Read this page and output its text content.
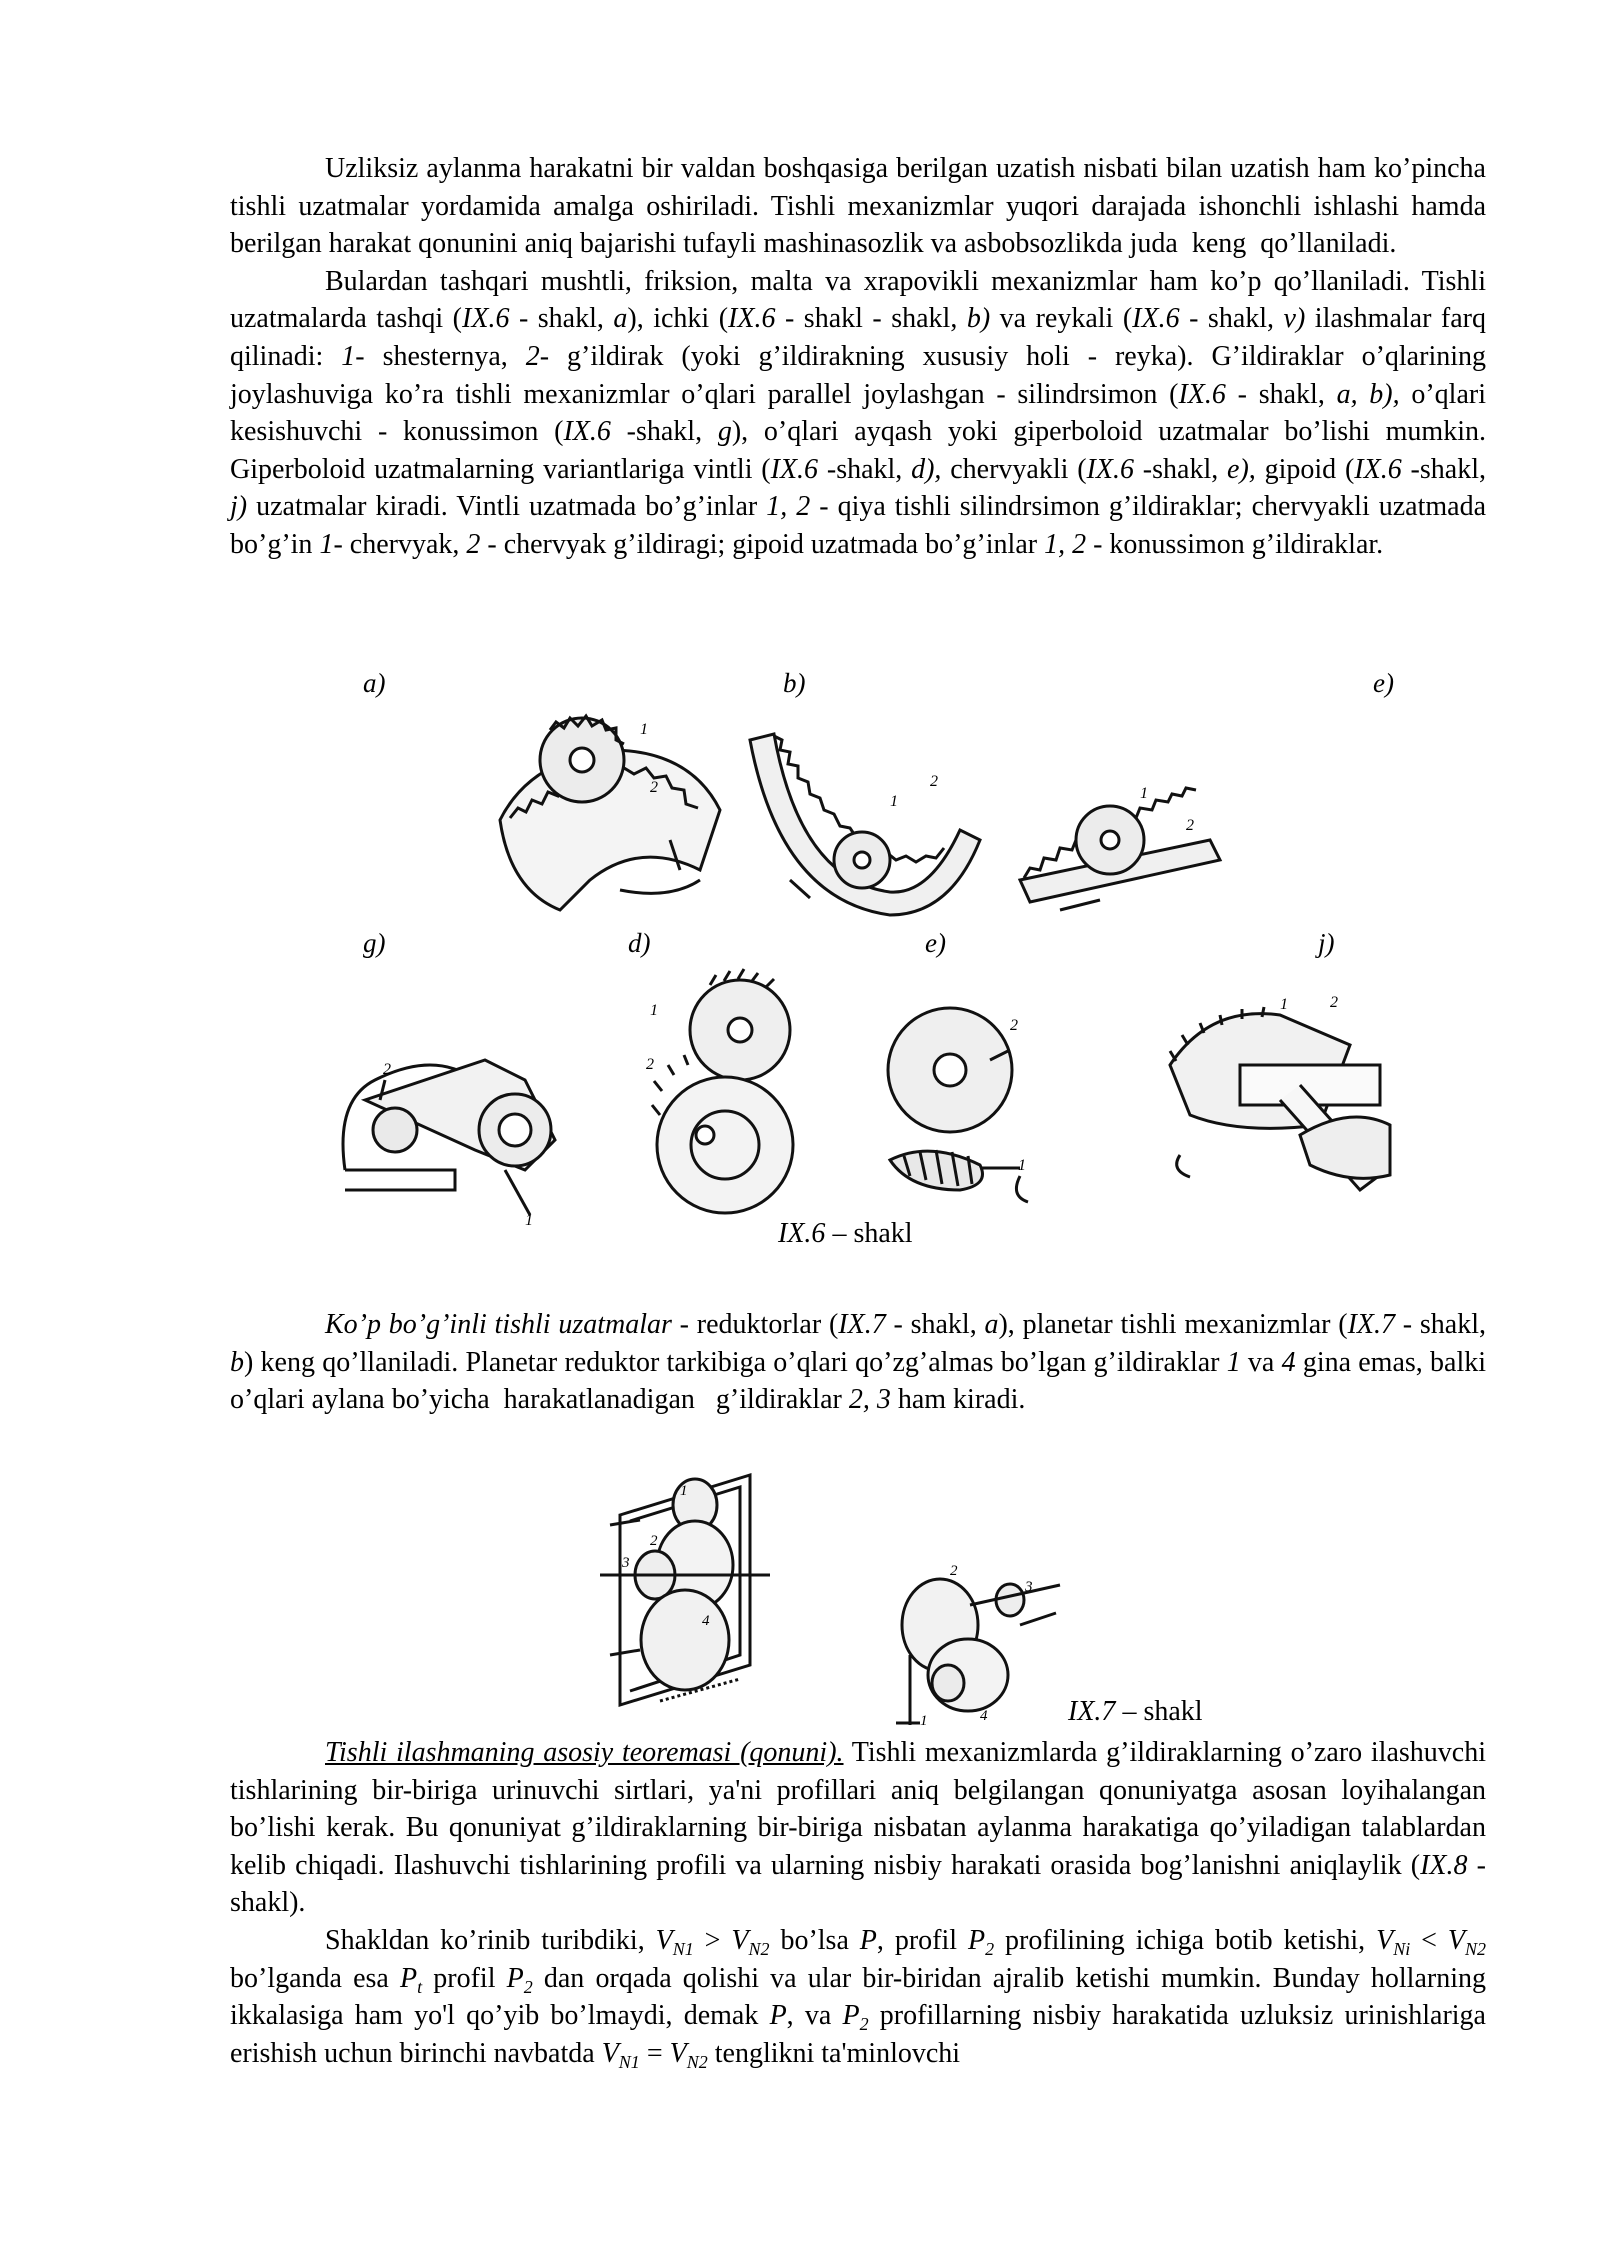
Uzliksiz aylanma harakatni bir valdan boshqasiga berilgan uzatish nisbati bilan uzatish ham ko’pincha tishli uzatmalar yordamida amalga oshiriladi. Tishli mexanizmlar yuqori darajada ishonchli ishlashi hamda berilgan harakat qonunini aniq bajarishi tufayli mashinasozlik va asbobsozlikda juda  keng  qo’llaniladi.

Bulardan tashqari mushtli, friksion, malta va xrapovikli mexanizmlar ham ko’p qo’llaniladi. Tishli uzatmalarda tashqi (IX.6 - shakl, a), ichki (IX.6 - shakl - shakl, b) va reykali (IX.6 - shakl, v) ilashmalar farq qilinadi: 1- shesternya, 2- g’ildirak (yoki g’ildirakning xususiy holi - reyka). G’ildiraklar o’qlarining joylashuviga ko’ra tishli mexanizmlar o’qlari parallel joylashgan - silindrsimon (IX.6 - shakl, a, b), o’qlari kesishuvchi - konussimon (IX.6 -shakl, g), o’qlari ayqash yoki giperboloid uzatmalar bo’lishi mumkin. Giperboloid uzatmalarning variantlariga vintli (IX.6 -shakl, d), chervyakli (IX.6 -shakl, e), gipoid (IX.6 -shakl, j) uzatmalar kiradi. Vintli uzatmada bo’g’inlar 1, 2 - qiya tishli silindrsimon g’ildiraklar; chervyakli uzatmada bo’g’in 1- chervyak, 2 - chervyak g’ildiragi; gipoid uzatmada bo’g’inlar 1, 2 - konussimon g’ildiraklar.

a)	b)	e)
1
2
1
2
1
2
g)	d)	e)	j)
2
1
1
2
2
1
1	2
IX.6 – shakl

Ko’p bo’g’inli tishli uzatmalar - reduktorlar (IX.7 - shakl, a), planetar tishli mexanizmlar (IX.7 - shakl, b) keng qo’llaniladi. Planetar reduktor tarkibiga o’qlari qo’zg’almas bo’lgan g’ildiraklar 1 va 4 gina emas, balki o’qlari aylana bo’yicha  harakatlanadigan   g’ildiraklar 2, 3 ham kiradi.

1
2
3
4
2
3
1	4	IX.7 – shakl

Tishli ilashmaning asosiy teoremasi (qonuni). Tishli mexanizmlarda g’ildiraklarning o’zaro ilashuvchi tishlarining bir-biriga urinuvchi sirtlari, ya'ni profillari aniq belgilangan qonuniyatga asosan loyihalangan bo’lishi kerak. Bu qonuniyat g’ildiraklarning bir-biriga nisbatan aylanma harakatiga qo’yiladigan talablardan kelib chiqadi. Ilashuvchi tishlarining profili va ularning nisbiy harakati orasida bog’lanishni aniqlaylik (IX.8 -shakl).

Shakldan ko’rinib turibdiki, $V_{N1} > V_{N2}$ bo’lsa P, profil $P_2$ profilining ichiga botib ketishi, $V_{Ni} < V_{N2}$ bo’lganda esa $P_t$ profil $P_2$ dan orqada qolishi va ular bir-biridan ajralib ketishi mumkin. Bunday hollarning ikkalasiga ham yo'l qo’yib bo’lmaydi, demak P, va $P_2$ profillarning nisbiy harakatida uzluksiz urinishlariga erishish uchun birinchi navbatda $V_{N1} = V_{N2}$ tenglikni ta'minlovchi
